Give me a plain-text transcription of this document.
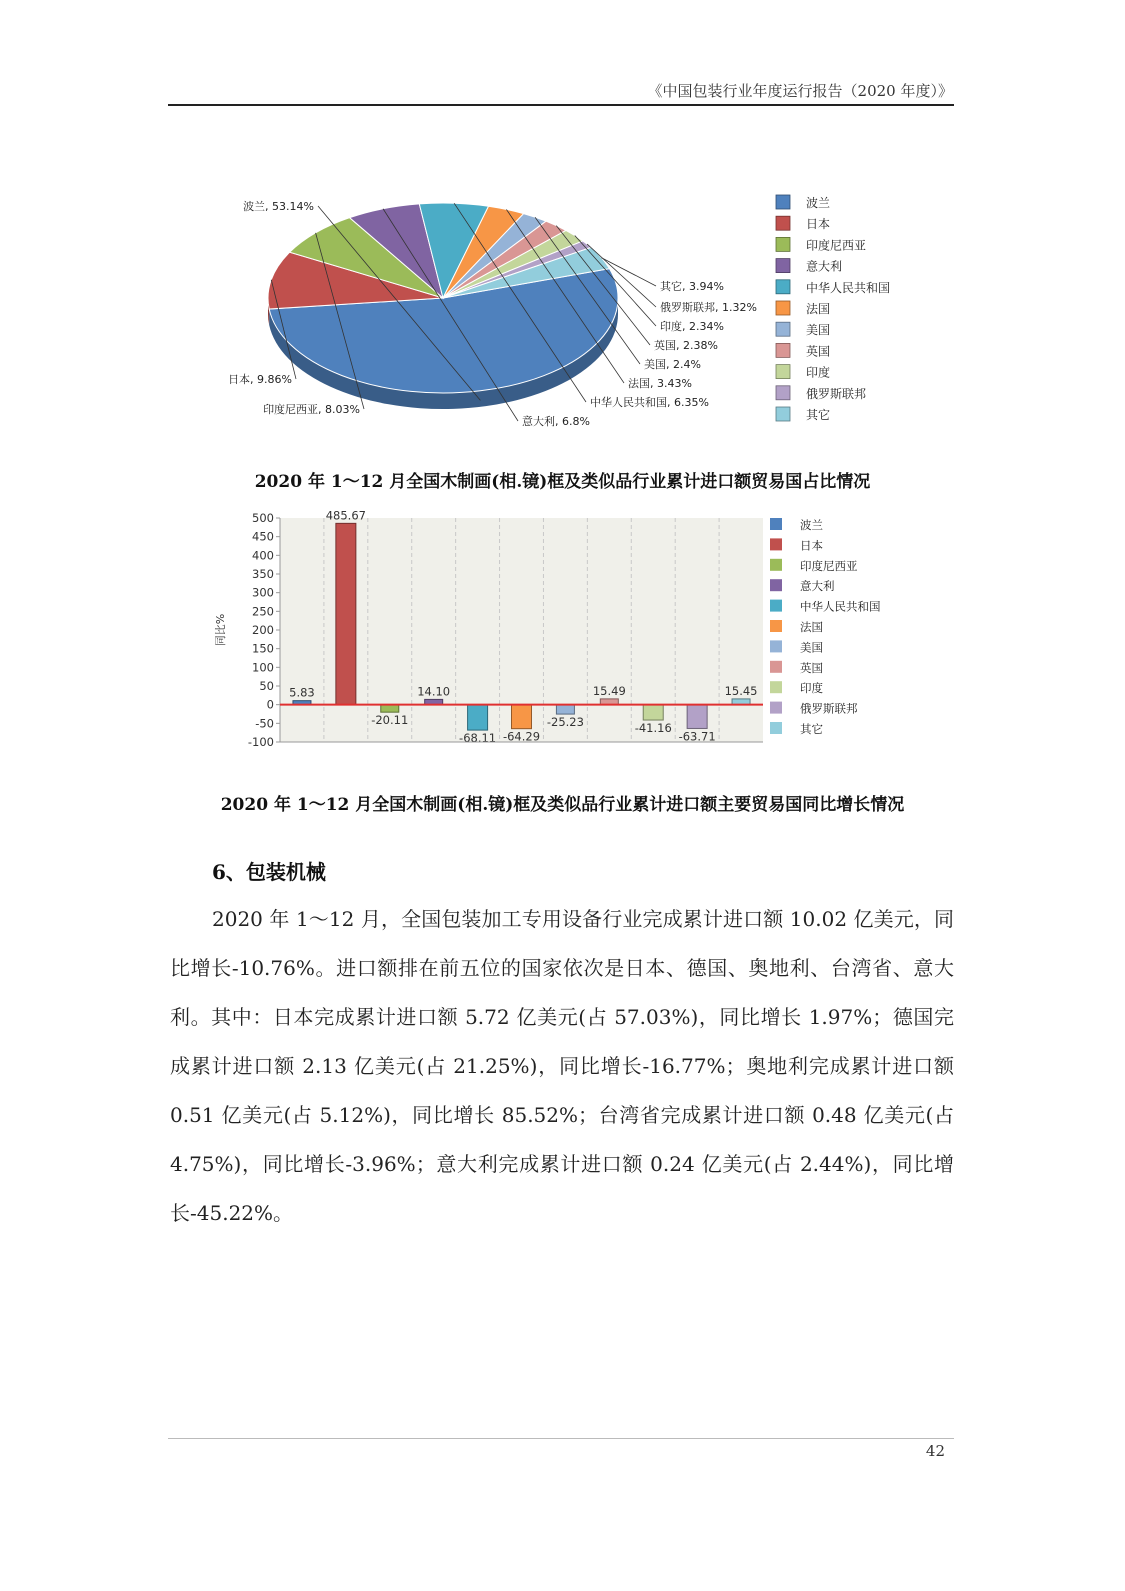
《中国包装行业年度运行报告（2020 年度）》
波兰, 53.14%
日本, 9.86%
印度尼西亚, 8.03%
意大利, 6.8%
中华人民共和国, 6.35%
法国, 3.43%
美国, 2.4%
英国, 2.38%
印度, 2.34%
俄罗斯联邦, 1.32%
其它, 3.94%
波兰
日本
印度尼西亚
意大利
中华人民共和国
法国
美国
英国
印度
俄罗斯联邦
其它
2020 年 1～12 月全国木制画(相.镜)框及类似品行业累计进口额贸易国占比情况
500
450
400
350
300
250
200
150
100
50
0
-50
-100
同比%
5.83
485.67
-20.11
14.10
-68.11 -64.29
-25.23
15.49
-41.16
-63.71
15.45
波兰
日本
印度尼西亚
意大利
中华人民共和国
法国
美国
英国
印度
俄罗斯联邦
其它
2020 年 1～12 月全国木制画(相.镜)框及类似品行业累计进口额主要贸易国同比增长情况
6、包装机械
2020 年 1～12 月，全国包装加工专用设备行业完成累计进口额 10.02 亿美元，同比增长-10.76%。进口额排在前五位的国家依次是日本、德国、奥地利、台湾省、意大利。其中：日本完成累计进口额 5.72 亿美元(占 57.03%)，同比增长 1.97%；德国完成累计进口额 2.13 亿美元(占 21.25%)，同比增长-16.77%；奥地利完成累计进口额 0.51 亿美元(占 5.12%)，同比增长 85.52%；台湾省完成累计进口额 0.48 亿美元(占 4.75%)，同比增长-3.96%；意大利完成累计进口额 0.24 亿美元(占 2.44%)，同比增长-45.22%。
42
